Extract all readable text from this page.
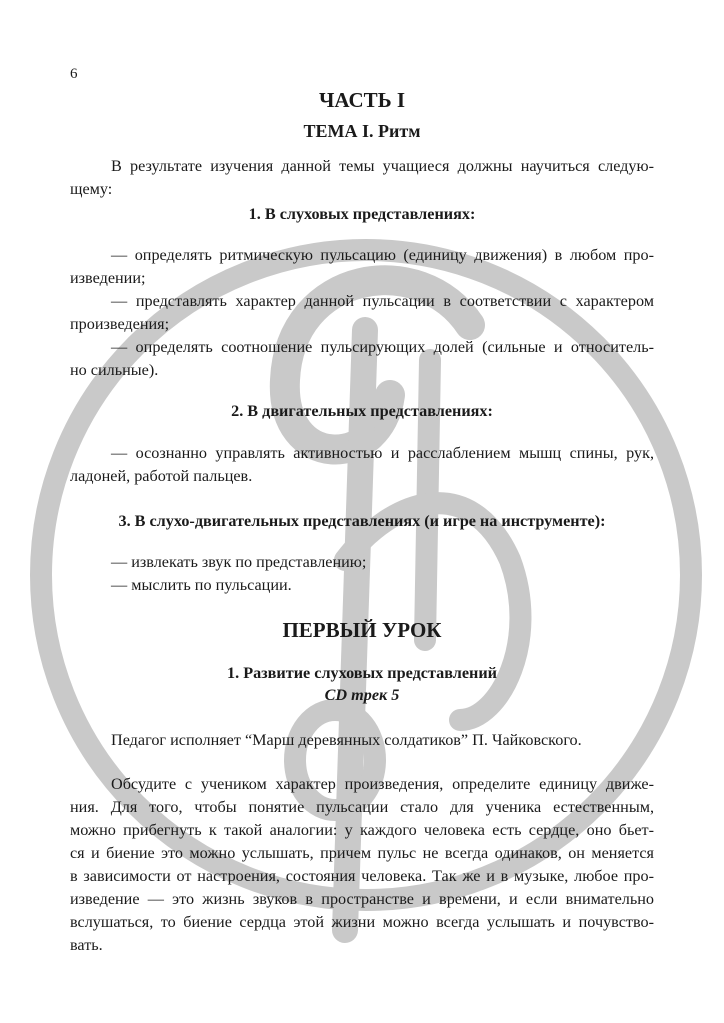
6
ЧАСТЬ I
ТЕМА I. Ритм
В результате изучения данной темы учащиеся должны научиться следую-
щему:
1. В слуховых представлениях:
— определять ритмическую пульсацию (единицу движения) в любом про-
изведении;
— представлять характер данной пульсации в соответствии с характером
произведения;
— определять соотношение пульсирующих долей (сильные и относитель-
но сильные).
2. В двигательных представлениях:
— осознанно управлять активностью и расслаблением мышц спины, рук,
ладоней, работой пальцев.
3. В слухо-двигательных представлениях (и игре на инструменте):
— извлекать звук по представлению;
— мыслить по пульсации.
ПЕРВЫЙ УРОК
1. Развитие слуховых представлений
CD трек 5
Педагог исполняет “Марш деревянных солдатиков” П. Чайковского.
Обсудите с учеником характер произведения, определите единицу движе-
ния. Для того, чтобы понятие пульсации стало для ученика естественным,
можно прибегнуть к такой аналогии: у каждого человека есть сердце, оно бьет-
ся и биение это можно услышать, причем пульс не всегда одинаков, он меняется
в зависимости от настроения, состояния человека. Так же и в музыке, любое про-
изведение — это жизнь звуков в пространстве и времени, и если внимательно
вслушаться, то биение сердца этой жизни можно всегда услышать и почувство-
вать.
